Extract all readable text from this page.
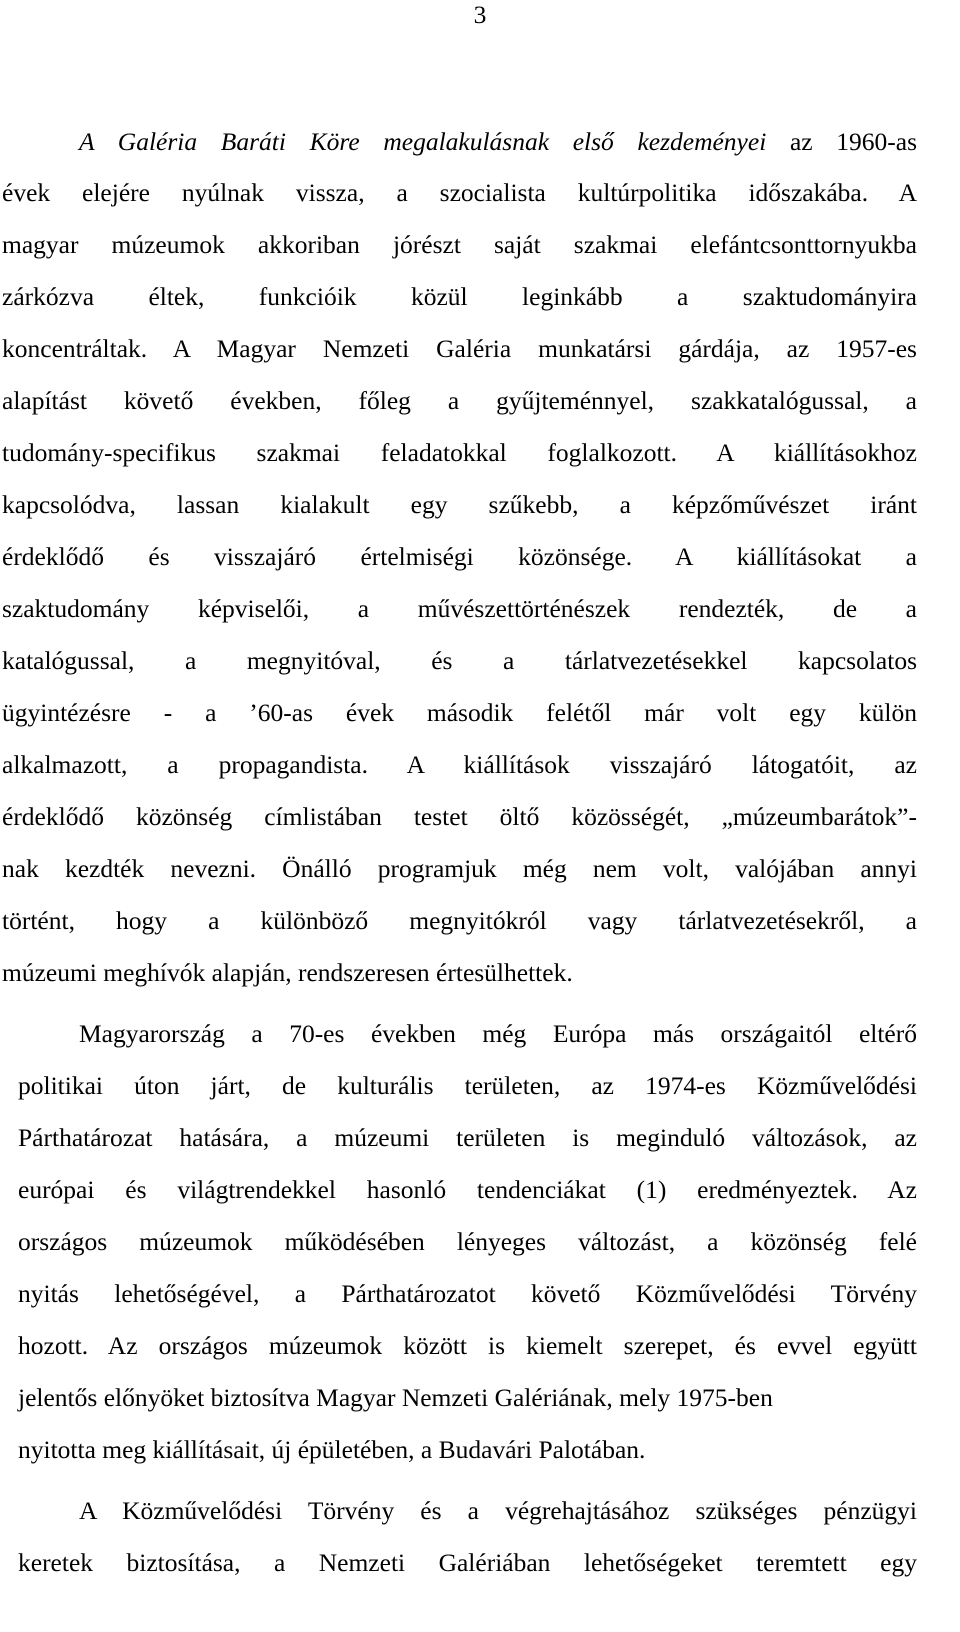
3
A Galéria Baráti Köre megalakulásnak első kezdeményei az 1960-as
évek elejére nyúlnak vissza, a szocialista kultúrpolitika időszakába. A
magyar múzeumok akkoriban jórészt saját szakmai elefántcsonttornyukba
zárkózva éltek, funkcióik közül leginkább a szaktudományira
koncentráltak. A Magyar Nemzeti Galéria munkatársi gárdája, az 1957-es
alapítást követő években, főleg a gyűjteménnyel, szakkatalógussal, a
tudomány-specifikus szakmai feladatokkal foglalkozott. A kiállításokhoz
kapcsolódva, lassan kialakult egy szűkebb, a képzőművészet iránt
érdeklődő és visszajáró értelmiségi közönsége. A kiállításokat a
szaktudomány képviselői, a művészettörténészek rendezték, de a
katalógussal, a megnyitóval, és a tárlatvezetésekkel kapcsolatos
ügyintézésre - a ’60-as évek második felétől már volt egy külön
alkalmazott, a propagandista. A kiállítások visszajáró látogatóit, az
érdeklődő közönség címlistában testet öltő közösségét, „múzeumbarátok”-
nak kezdték nevezni. Önálló programjuk még nem volt, valójában annyi
történt, hogy a különböző megnyitókról vagy tárlatvezetésekről, a
múzeumi meghívók alapján, rendszeresen értesülhettek.
Magyarország a 70-es években még Európa más országaitól eltérő
politikai úton járt, de kulturális területen, az 1974-es Közművelődési
Párthatározat hatására, a múzeumi területen is meginduló változások, az
európai és világtrendekkel hasonló tendenciákat (1) eredményeztek. Az
országos múzeumok működésében lényeges változást, a közönség felé
nyitás lehetőségével, a Párthatározatot követő Közművelődési Törvény
hozott. Az országos múzeumok között is kiemelt szerepet, és evvel együtt
jelentős előnyöket biztosítva Magyar Nemzeti Galériának, mely 1975-ben
nyitotta meg kiállításait, új épületében, a Budavári Palotában.
A Közművelődési Törvény és a végrehajtásához szükséges pénzügyi
keretek biztosítása, a Nemzeti Galériában lehetőségeket teremtett egy
